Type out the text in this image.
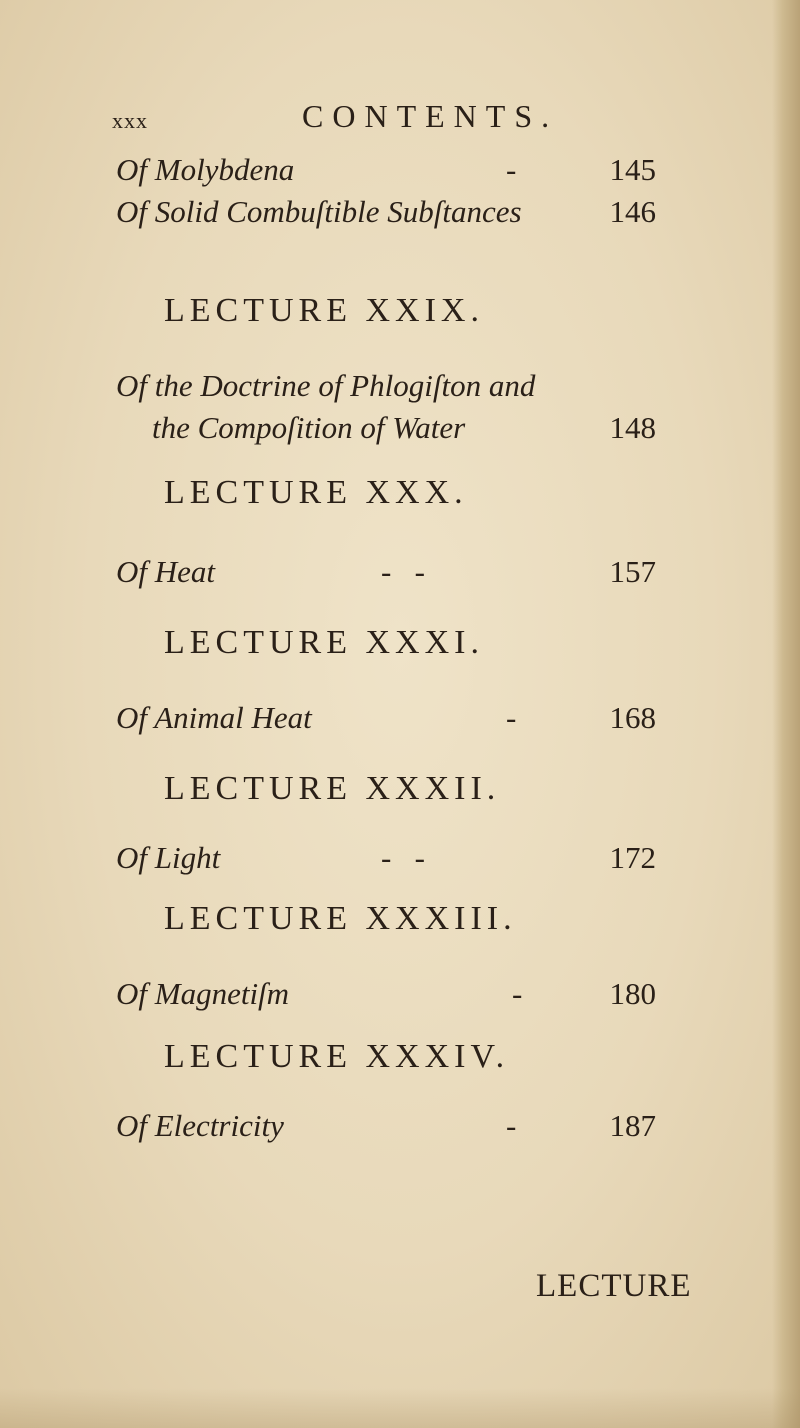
xxx	CONTENTS.
Of Molybdena	-	145
Of Solid Combuſtible Subſtances	146
LECTURE XXIX.
Of the Doctrine of Phlogiſton and
the Compoſition of Water	148
LECTURE XXX.
Of Heat	-   -	157
LECTURE XXXI.
Of Animal Heat	-	168
LECTURE XXXII.
Of Light	-   -	172
LECTURE XXXIII.
Of Magnetiſm	-	180
LECTURE XXXIV.
Of Electricity	-	187
LECTURE
